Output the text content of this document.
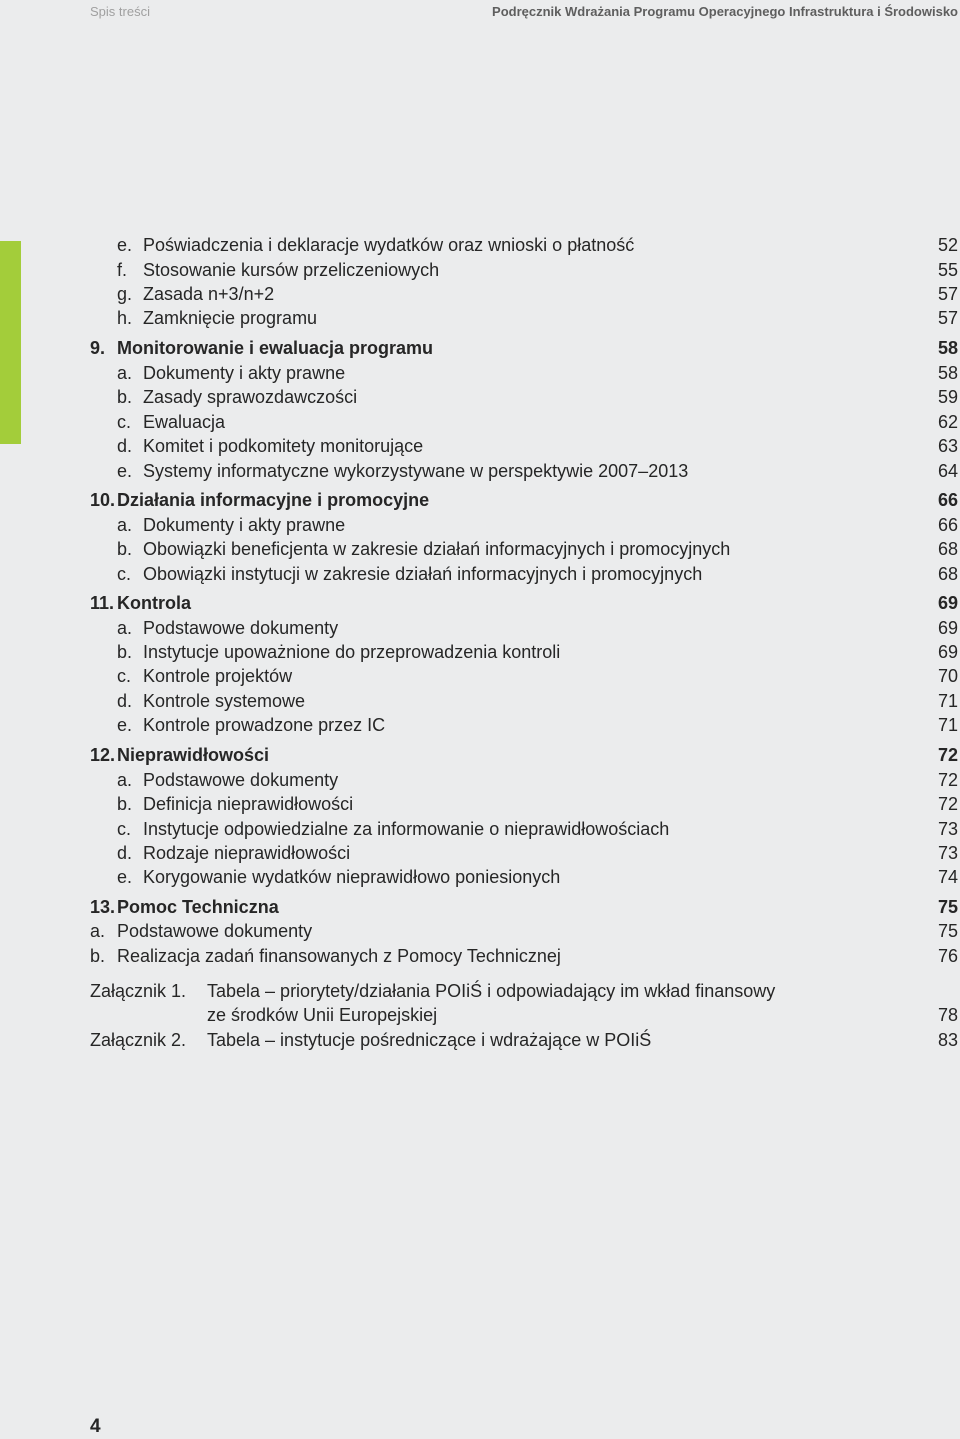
Spis treści	Podręcznik Wdrażania Programu Operacyjnego Infrastruktura i Środowisko
e. Poświadczenia i deklaracje wydatków oraz wnioski o płatność	52
f. Stosowanie kursów przeliczeniowych	55
g. Zasada n+3/n+2	57
h. Zamknięcie programu	57
9. Monitorowanie i ewaluacja programu	58
a. Dokumenty i akty prawne	58
b. Zasady sprawozdawczości	59
c. Ewaluacja	62
d. Komitet i podkomitety monitorujące	63
e. Systemy informatyczne wykorzystywane w perspektywie 2007–2013	64
10. Działania informacyjne i promocyjne	66
a. Dokumenty i akty prawne	66
b. Obowiązki beneficjenta w zakresie działań informacyjnych i promocyjnych	68
c. Obowiązki instytucji w zakresie działań informacyjnych i promocyjnych	68
11. Kontrola	69
a. Podstawowe dokumenty	69
b. Instytucje upoważnione do przeprowadzenia kontroli	69
c. Kontrole projektów	70
d. Kontrole systemowe	71
e. Kontrole prowadzone przez IC	71
12. Nieprawidłowości	72
a. Podstawowe dokumenty	72
b. Definicja nieprawidłowości	72
c. Instytucje odpowiedzialne za informowanie o nieprawidłowościach	73
d. Rodzaje nieprawidłowości	73
e. Korygowanie wydatków nieprawidłowo poniesionych	74
13. Pomoc Techniczna	75
a. Podstawowe dokumenty	75
b. Realizacja zadań finansowanych z Pomocy Technicznej	76
Załącznik 1. Tabela – priorytety/działania POIiŚ i odpowiadający im wkład finansowy
ze środków Unii Europejskiej	78
Załącznik 2. Tabela – instytucje pośredniczące i wdrażające w POIiŚ	83
4
